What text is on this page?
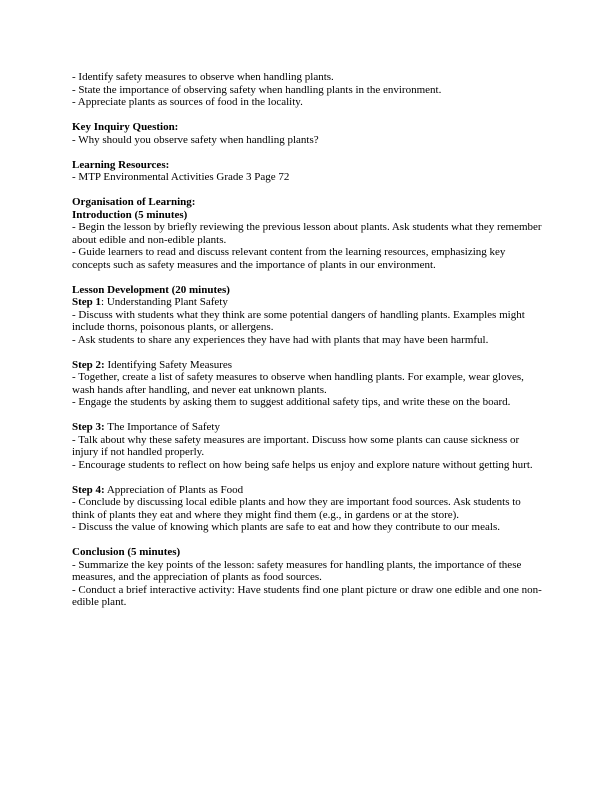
- Identify safety measures to observe when handling plants.

- State the importance of observing safety when handling plants in the environment.

- Appreciate plants as sources of food in the locality.

Key Inquiry Question:

- Why should you observe safety when handling plants?

Learning Resources:

- MTP Environmental Activities Grade 3 Page 72

Organisation of Learning:

Introduction (5 minutes)

- Begin the lesson by briefly reviewing the previous lesson about plants. Ask students what they remember about edible and non-edible plants.

- Guide learners to read and discuss relevant content from the learning resources, emphasizing key concepts such as safety measures and the importance of plants in our environment.

Lesson Development (20 minutes)

Step 1: Understanding Plant Safety

- Discuss with students what they think are some potential dangers of handling plants. Examples might include thorns, poisonous plants, or allergens.

- Ask students to share any experiences they have had with plants that may have been harmful.

Step 2: Identifying Safety Measures

- Together, create a list of safety measures to observe when handling plants. For example, wear gloves, wash hands after handling, and never eat unknown plants.

- Engage the students by asking them to suggest additional safety tips, and write these on the board.

Step 3: The Importance of Safety

- Talk about why these safety measures are important. Discuss how some plants can cause sickness or injury if not handled properly.

- Encourage students to reflect on how being safe helps us enjoy and explore nature without getting hurt.

Step 4: Appreciation of Plants as Food

- Conclude by discussing local edible plants and how they are important food sources. Ask students to think of plants they eat and where they might find them (e.g., in gardens or at the store).

- Discuss the value of knowing which plants are safe to eat and how they contribute to our meals.

Conclusion (5 minutes)

- Summarize the key points of the lesson: safety measures for handling plants, the importance of these measures, and the appreciation of plants as food sources.

- Conduct a brief interactive activity: Have students find one plant picture or draw one edible and one non-edible plant.
